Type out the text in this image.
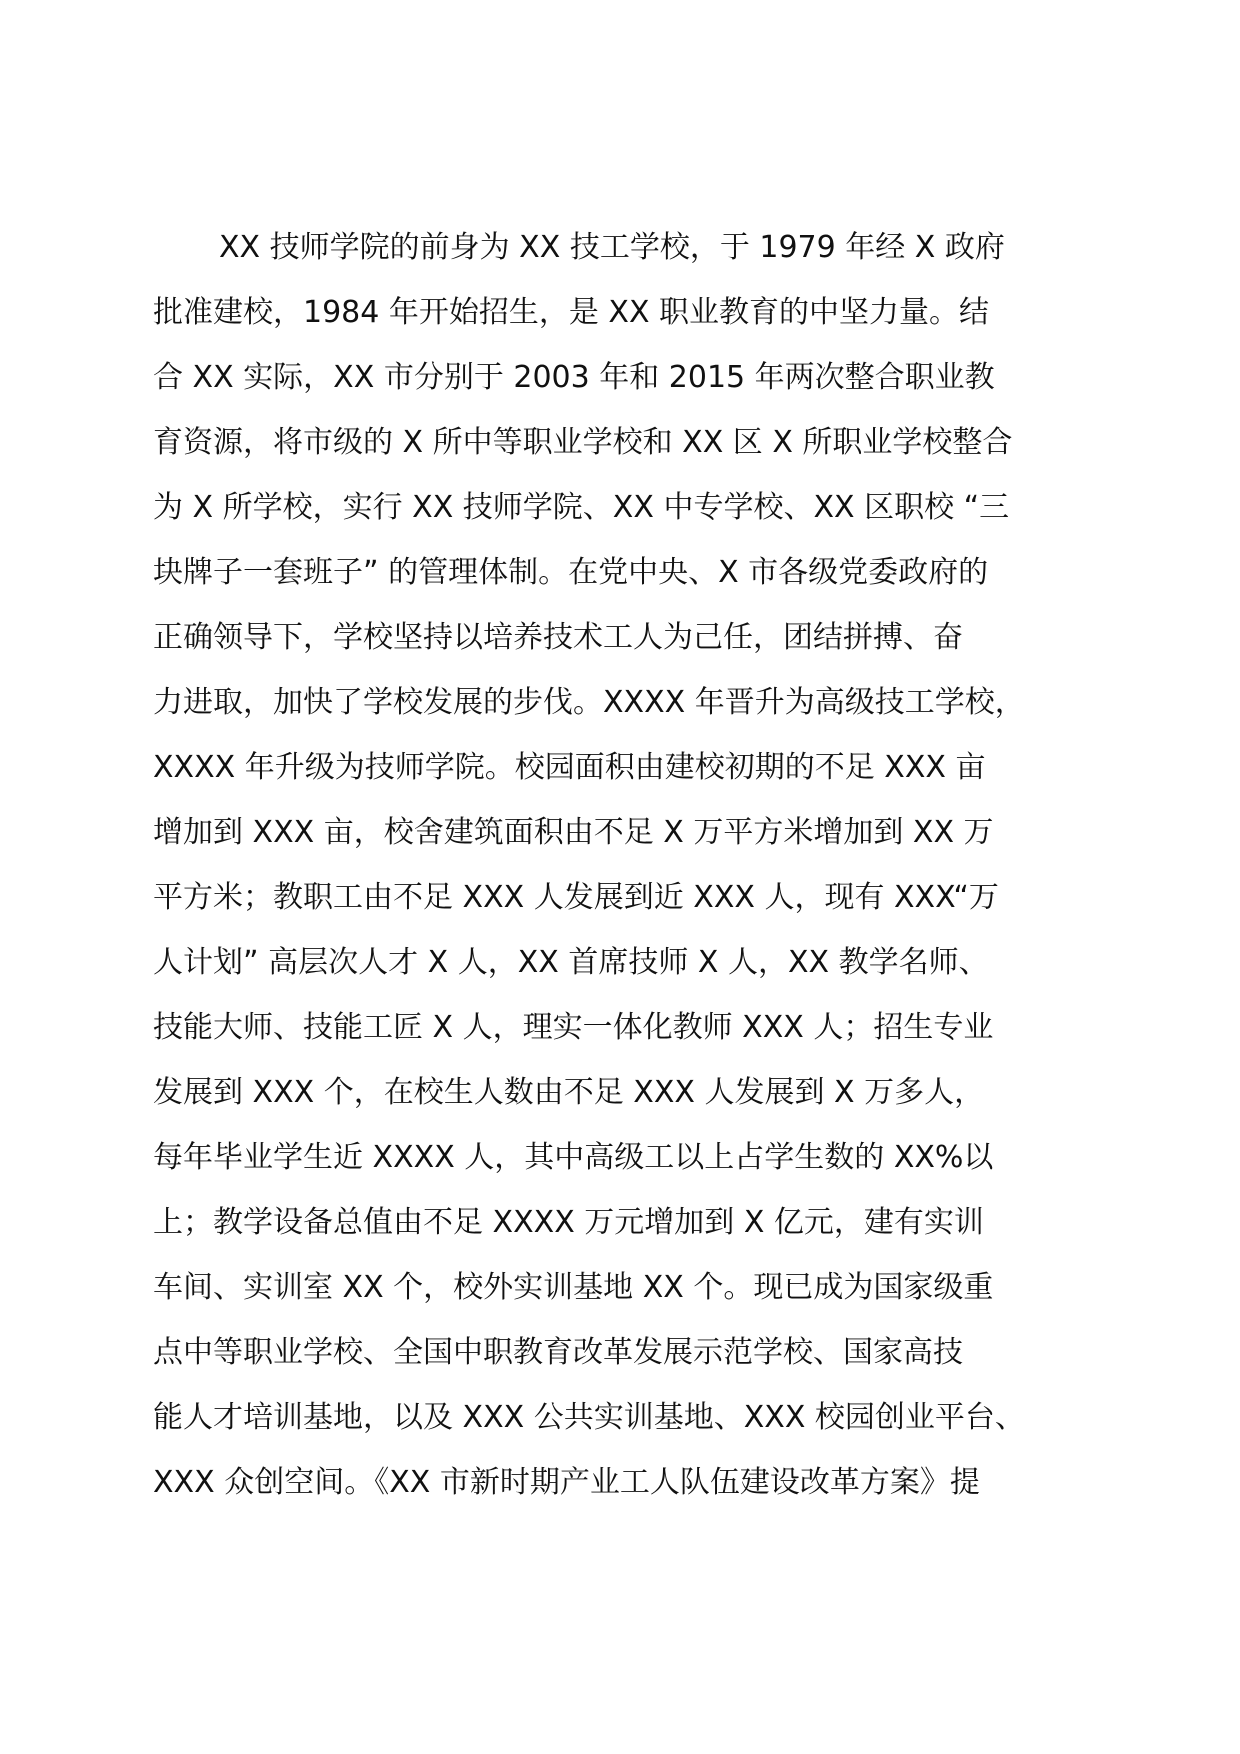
XX 技师学院的前身为 XX 技工学校，于 1979 年经 X 政府
批准建校，1984 年开始招生，是 XX 职业教育的中坚力量。结
合 XX 实际，XX 市分别于 2003 年和 2015 年两次整合职业教
育资源，将市级的 X 所中等职业学校和 XX 区 X 所职业学校整合
为 X 所学校，实行 XX 技师学院、XX 中专学校、XX 区职校 “三
块牌子一套班子” 的管理体制。在党中央、X 市各级党委政府的
正确领导下，学校坚持以培养技术工人为己任，团结拼搏、奋
力进取，加快了学校发展的步伐。XXXX 年晋升为高级技工学校，
XXXX 年升级为技师学院。校园面积由建校初期的不足 XXX 亩
增加到 XXX 亩，校舍建筑面积由不足 X 万平方米增加到 XX 万
平方米；教职工由不足 XXX 人发展到近 XXX 人，现有 XXX“万
人计划” 高层次人才 X 人，XX 首席技师 X 人，XX 教学名师、
技能大师、技能工匠 X 人，理实一体化教师 XXX 人；招生专业
发展到 XXX 个，在校生人数由不足 XXX 人发展到 X 万多人，
每年毕业学生近 XXXX 人，其中高级工以上占学生数的 XX%以
上；教学设备总值由不足 XXXX 万元增加到 X 亿元，建有实训
车间、实训室 XX 个，校外实训基地 XX 个。现已成为国家级重
点中等职业学校、全国中职教育改革发展示范学校、国家高技
能人才培训基地，以及 XXX 公共实训基地、XXX 校园创业平台、
XXX 众创空间。《XX 市新时期产业工人队伍建设改革方案》提
